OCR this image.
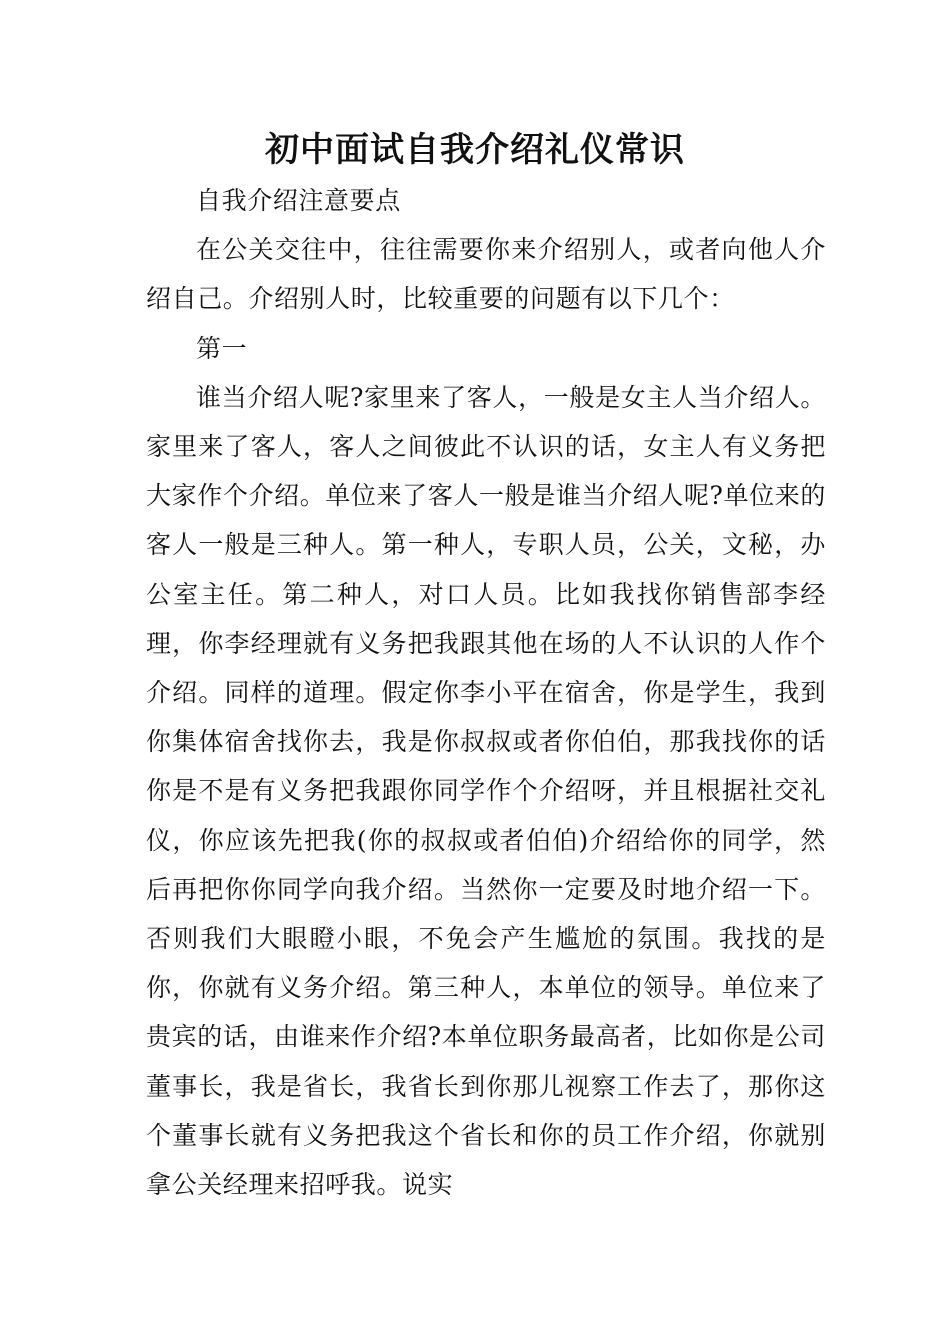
初中面试自我介绍礼仪常识

自我介绍注意要点

在公关交往中，往往需要你来介绍别人，或者向他人介绍自己。介绍别人时，比较重要的问题有以下几个：

第一

谁当介绍人呢?家里来了客人，一般是女主人当介绍人。家里来了客人，客人之间彼此不认识的话，女主人有义务把大家作个介绍。单位来了客人一般是谁当介绍人呢?单位来的客人一般是三种人。第一种人，专职人员，公关，文秘，办公室主任。第二种人，对口人员。比如我找你销售部李经理，你李经理就有义务把我跟其他在场的人不认识的人作个介绍。同样的道理。假定你李小平在宿舍，你是学生，我到你集体宿舍找你去，我是你叔叔或者你伯伯，那我找你的话你是不是有义务把我跟你同学作个介绍呀，并且根据社交礼仪，你应该先把我(你的叔叔或者伯伯)介绍给你的同学，然后再把你你同学向我介绍。当然你一定要及时地介绍一下。否则我们大眼瞪小眼，不免会产生尴尬的氛围。我找的是你，你就有义务介绍。第三种人，本单位的领导。单位来了贵宾的话，由谁来作介绍?本单位职务最高者，比如你是公司董事长，我是省长，我省长到你那儿视察工作去了，那你这个董事长就有义务把我这个省长和你的员工作介绍，你就别拿公关经理来招呼我。说实
